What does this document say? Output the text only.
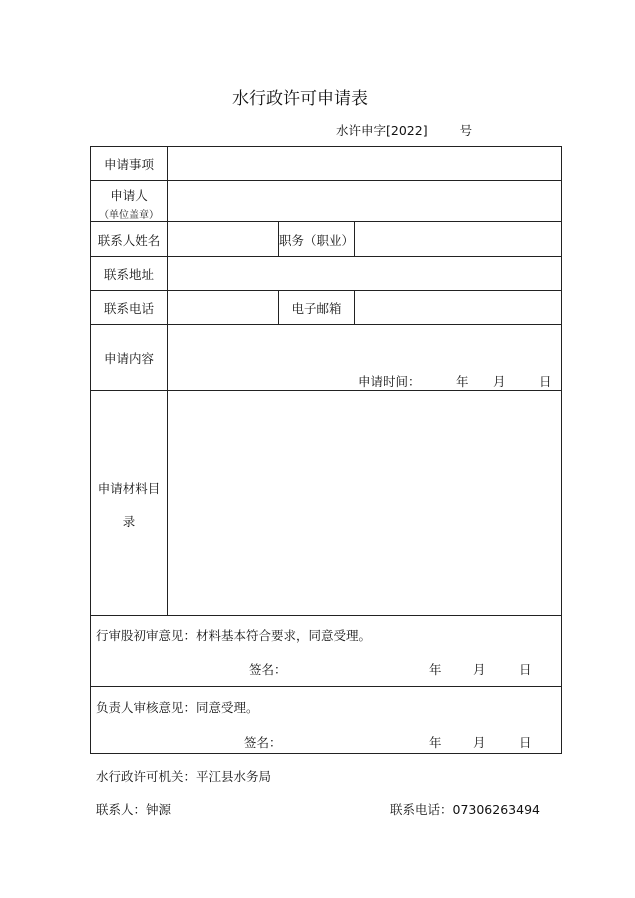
水行政许可申请表
水许申字[2022]	号
申请事项
申请人
（单位盖章）
联系人姓名	职务（职业）
联系地址
联系电话	电子邮箱
申请内容
申请时间：	年 月	日
申请材料目
录
行审股初审意见：材料基本符合要求，同意受理。
签名：	年	月	日
负责人审核意见：同意受理。
签名：	年	月	日
水行政许可机关：平江县水务局
联系人：钟源	联系电话：07306263494
